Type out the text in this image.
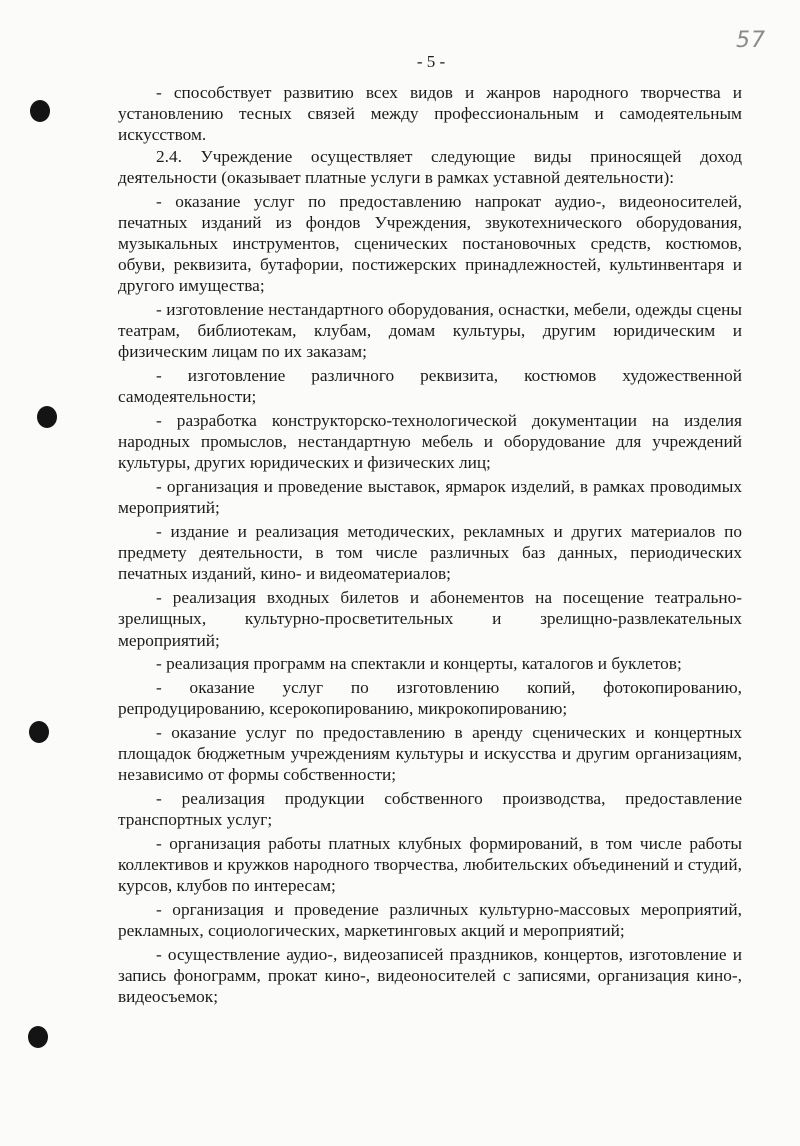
57
- 5 -

- способствует развитию всех видов и жанров народного творчества и установлению тесных связей между профессиональным и самодеятельным искусством.

2.4. Учреждение осуществляет следующие виды приносящей доход деятельности (оказывает платные услуги в рамках уставной деятельности):

- оказание услуг по предоставлению напрокат аудио-, видеоносителей, печатных изданий из фондов Учреждения, звукотехнического оборудования, музыкальных инструментов, сценических постановочных средств, костюмов, обуви, реквизита, бутафории, постижерских принадлежностей, культинвентаря и другого имущества;

- изготовление нестандартного оборудования, оснастки, мебели, одежды сцены театрам, библиотекам, клубам, домам культуры, другим юридическим и физическим лицам по их заказам;

- изготовление различного реквизита, костюмов художественной самодеятельности;

- разработка конструкторско-технологической документации на изделия народных промыслов, нестандартную мебель и оборудование для учреждений культуры, других юридических и физических лиц;

- организация и проведение выставок, ярмарок изделий, в рамках проводимых мероприятий;

- издание и реализация методических, рекламных и других материалов по предмету деятельности, в том числе различных баз данных, периодических печатных изданий, кино- и видеоматериалов;

- реализация входных билетов и абонементов на посещение театрально-зрелищных, культурно-просветительных и зрелищно-развлекательных мероприятий;

- реализация программ на спектакли и концерты, каталогов и буклетов;

- оказание услуг по изготовлению копий, фотокопированию, репродуцированию, ксерокопированию, микрокопированию;

- оказание услуг по предоставлению в аренду сценических и концертных площадок бюджетным учреждениям культуры и искусства и другим организациям, независимо от формы собственности;

- реализация продукции собственного производства, предоставление транспортных услуг;

- организация работы платных клубных формирований, в том числе работы коллективов и кружков народного творчества, любительских объединений и студий, курсов, клубов по интересам;

- организация и проведение различных культурно-массовых мероприятий, рекламных, социологических, маркетинговых акций и мероприятий;

- осуществление аудио-, видеозаписей праздников, концертов, изготовление и запись фонограмм, прокат кино-, видеоносителей с записями, организация кино-, видеосъемок;
